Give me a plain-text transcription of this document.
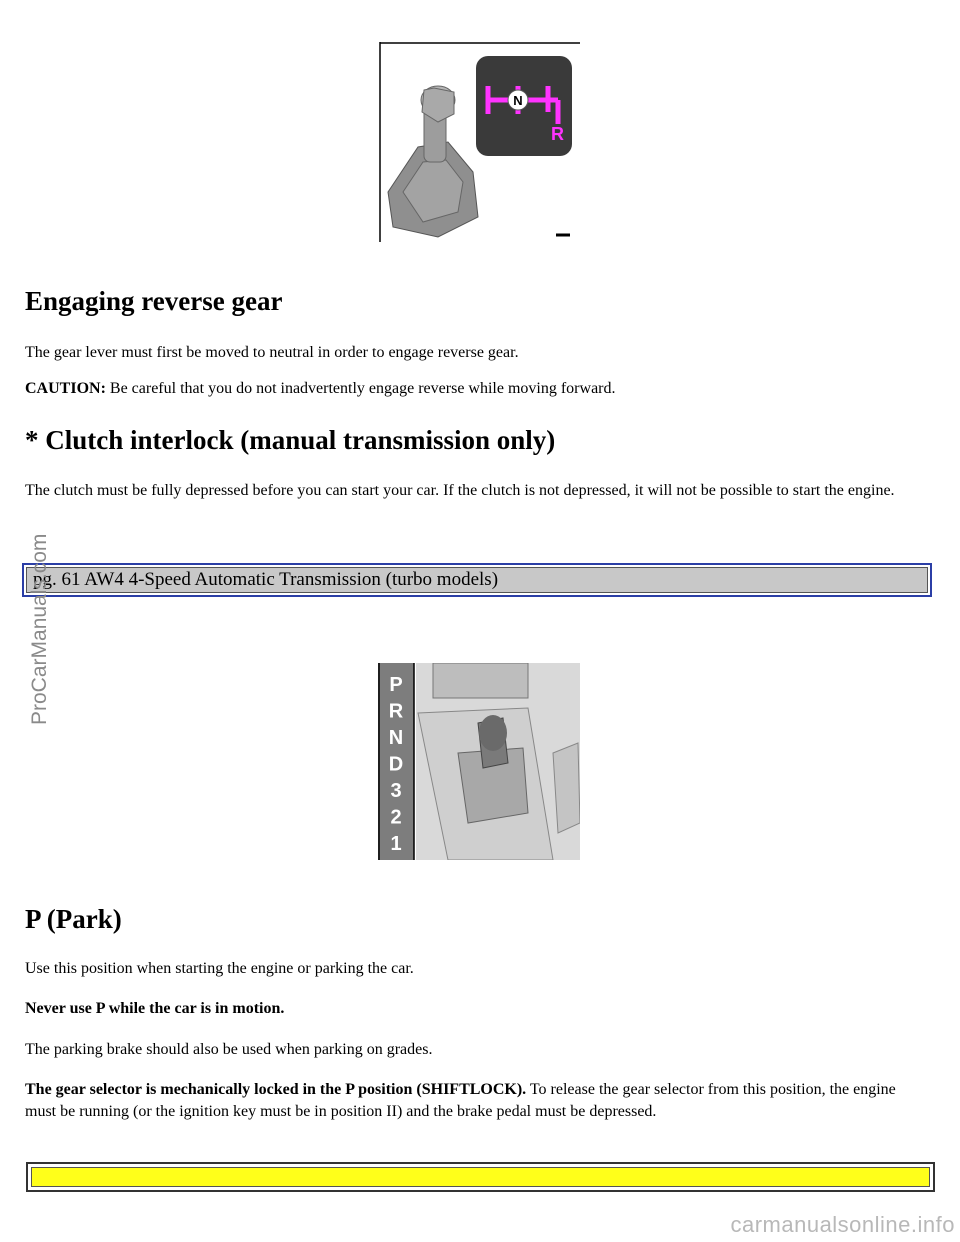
N
R
Engaging reverse gear

The gear lever must first be moved to neutral in order to engage reverse gear.

CAUTION: Be careful that you do not inadvertently engage reverse while moving forward.

* Clutch interlock (manual transmission only)

The clutch must be fully depressed before you can start your car. If the clutch is not depressed, it will not be possible to start the engine.

pg. 61 AW4 4-Speed Automatic Transmission (turbo models)
P
R
N
D
3
2
1
P (Park)

Use this position when starting the engine or parking the car.

Never use P while the car is in motion.

The parking brake should also be used when parking on grades.

The gear selector is mechanically locked in the P position (SHIFTLOCK). To release the gear selector from this position, the engine must be running (or the ignition key must be in position II) and the brake pedal must be depressed.

ProCarManuals.com
carmanualsonline.info
